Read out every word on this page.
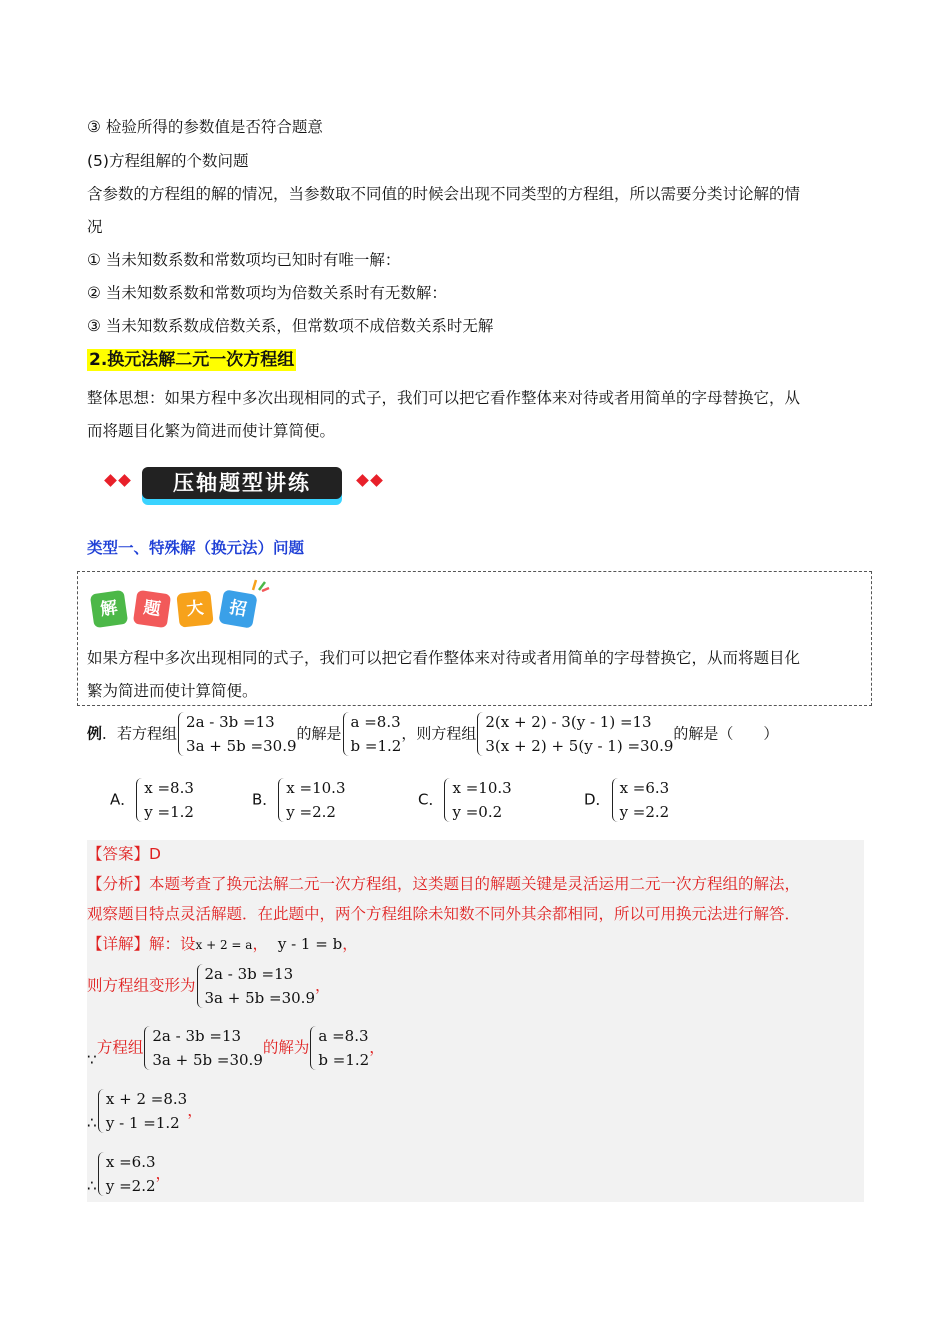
③ 检验所得的参数值是否符合题意
(5)方程组解的个数问题
含参数的方程组的解的情况，当参数取不同值的时候会出现不同类型的方程组，所以需要分类讨论解的情
况
① 当未知数系数和常数项均已知时有唯一解：
② 当未知数系数和常数项均为倍数关系时有无数解：
③ 当未知数系数成倍数关系，但常数项不成倍数关系时无解
2.换元法解二元一次方程组
整体思想：如果方程中多次出现相同的式子，我们可以把它看作整体来对待或者用简单的字母替换它，从
而将题目化繁为简进而使计算简便。
压轴题型讲练
类型一、特殊解（换元法）问题
解	题	大	招
如果方程中多次出现相同的式子，我们可以把它看作整体来对待或者用简单的字母替换它，从而将题目化
繁为简进而使计算简便。
例．若方程组
2a - 3b =13
3a + 5b =30.9
的解是
a =8.3
b =1.2
，则方程组
2(x + 2) - 3(y - 1) =13
3(x + 2) + 5(y - 1) =30.9
的解是（　　）
A．
x =8.3
y =1.2
B．
x =10.3
y =2.2
C．
x =10.3
y =0.2
D．
x =6.3
y =2.2
【答案】D
【分析】本题考查了换元法解二元一次方程组，这类题目的解题关键是灵活运用二元一次方程组的解法，
观察题目特点灵活解题．在此题中，两个方程组除未知数不同外其余都相同，所以可用换元法进行解答．
【详解】解：设x + 2 = a， y - 1 = b，
则方程组变形为
2a - 3b =13
3a + 5b =30.9
，
∵方程组
2a - 3b =13
3a + 5b =30.9
的解为
a =8.3
b =1.2
，
∴
x + 2 =8.3
y - 1 =1.2
，
∴
x =6.3
y =2.2
，
